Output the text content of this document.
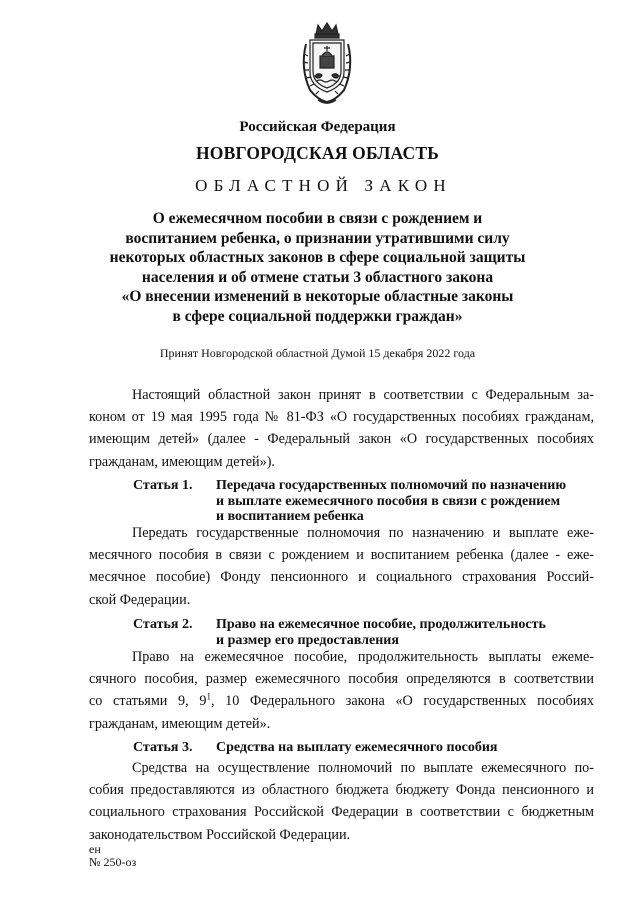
Российская Федерация
НОВГОРОДСКАЯ ОБЛАСТЬ
ОБЛАСТНОЙ ЗАКОН
О ежемесячном пособии в связи с рождением и
воспитанием ребенка, о признании утратившими силу
некоторых областных законов в сфере социальной защиты
населения и об отмене статьи 3 областного закона
«О внесении изменений в некоторые областные законы
в сфере социальной поддержки граждан»
Принят Новгородской областной Думой 15 декабря 2022 года
Настоящий областной закон принят в соответствии с Федеральным за-
коном от 19 мая 1995 года № 81-ФЗ «О государственных пособиях гражданам,
имеющим детей» (далее - Федеральный закон «О государственных пособиях
гражданам, имеющим детей»).
Статья 1. Передача государственных полномочий по назначению
и выплате ежемесячного пособия в связи с рождением
и воспитанием ребенка
Передать государственные полномочия по назначению и выплате еже-
месячного пособия в связи с рождением и воспитанием ребенка (далее - еже-
месячное пособие) Фонду пенсионного и социального страхования Россий-
ской Федерации.
Статья 2. Право на ежемесячное пособие, продолжительность
и размер его предоставления
Право на ежемесячное пособие, продолжительность выплаты ежеме-
сячного пособия, размер ежемесячного пособия определяются в соответствии
со статьями 9, $9^1$, 10 Федерального закона «О государственных пособиях
гражданам, имеющим детей».
Статья 3. Средства на выплату ежемесячного пособия
Средства на осуществление полномочий по выплате ежемесячного по-
собия предоставляются из областного бюджета бюджету Фонда пенсионного и
социального страхования Российской Федерации в соответствии с бюджетным
законодательством Российской Федерации.
ен
№ 250-оз
